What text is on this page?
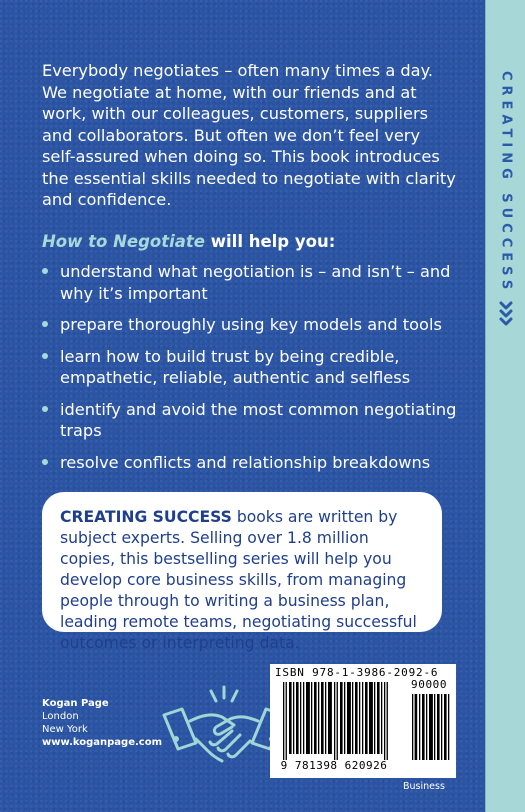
Everybody negotiates – often many times a day. We negotiate at home, with our friends and at work, with our colleagues, customers, suppliers and collaborators. But often we don’t feel very self-assured when doing so. This book introduces the essential skills needed to negotiate with clarity and confidence.

How to Negotiate will help you:

understand what negotiation is – and isn’t – and why it’s important
prepare thoroughly using key models and tools
learn how to build trust by being credible, empathetic, reliable, authentic and selfless
identify and avoid the most common negotiating traps
resolve conflicts and relationship breakdowns
CREATING SUCCESS books are written by subject experts. Selling over 1.8 million copies, this bestselling series will help you develop core business skills, from managing people through to writing a business plan, leading remote teams, negotiating successful outcomes or interpreting data.
Kogan Page
London
New York
www.koganpage.com
ISBN 978-1-3986-2092-6
90000
9 781398 620926
Business
CREATING SUCCESS
